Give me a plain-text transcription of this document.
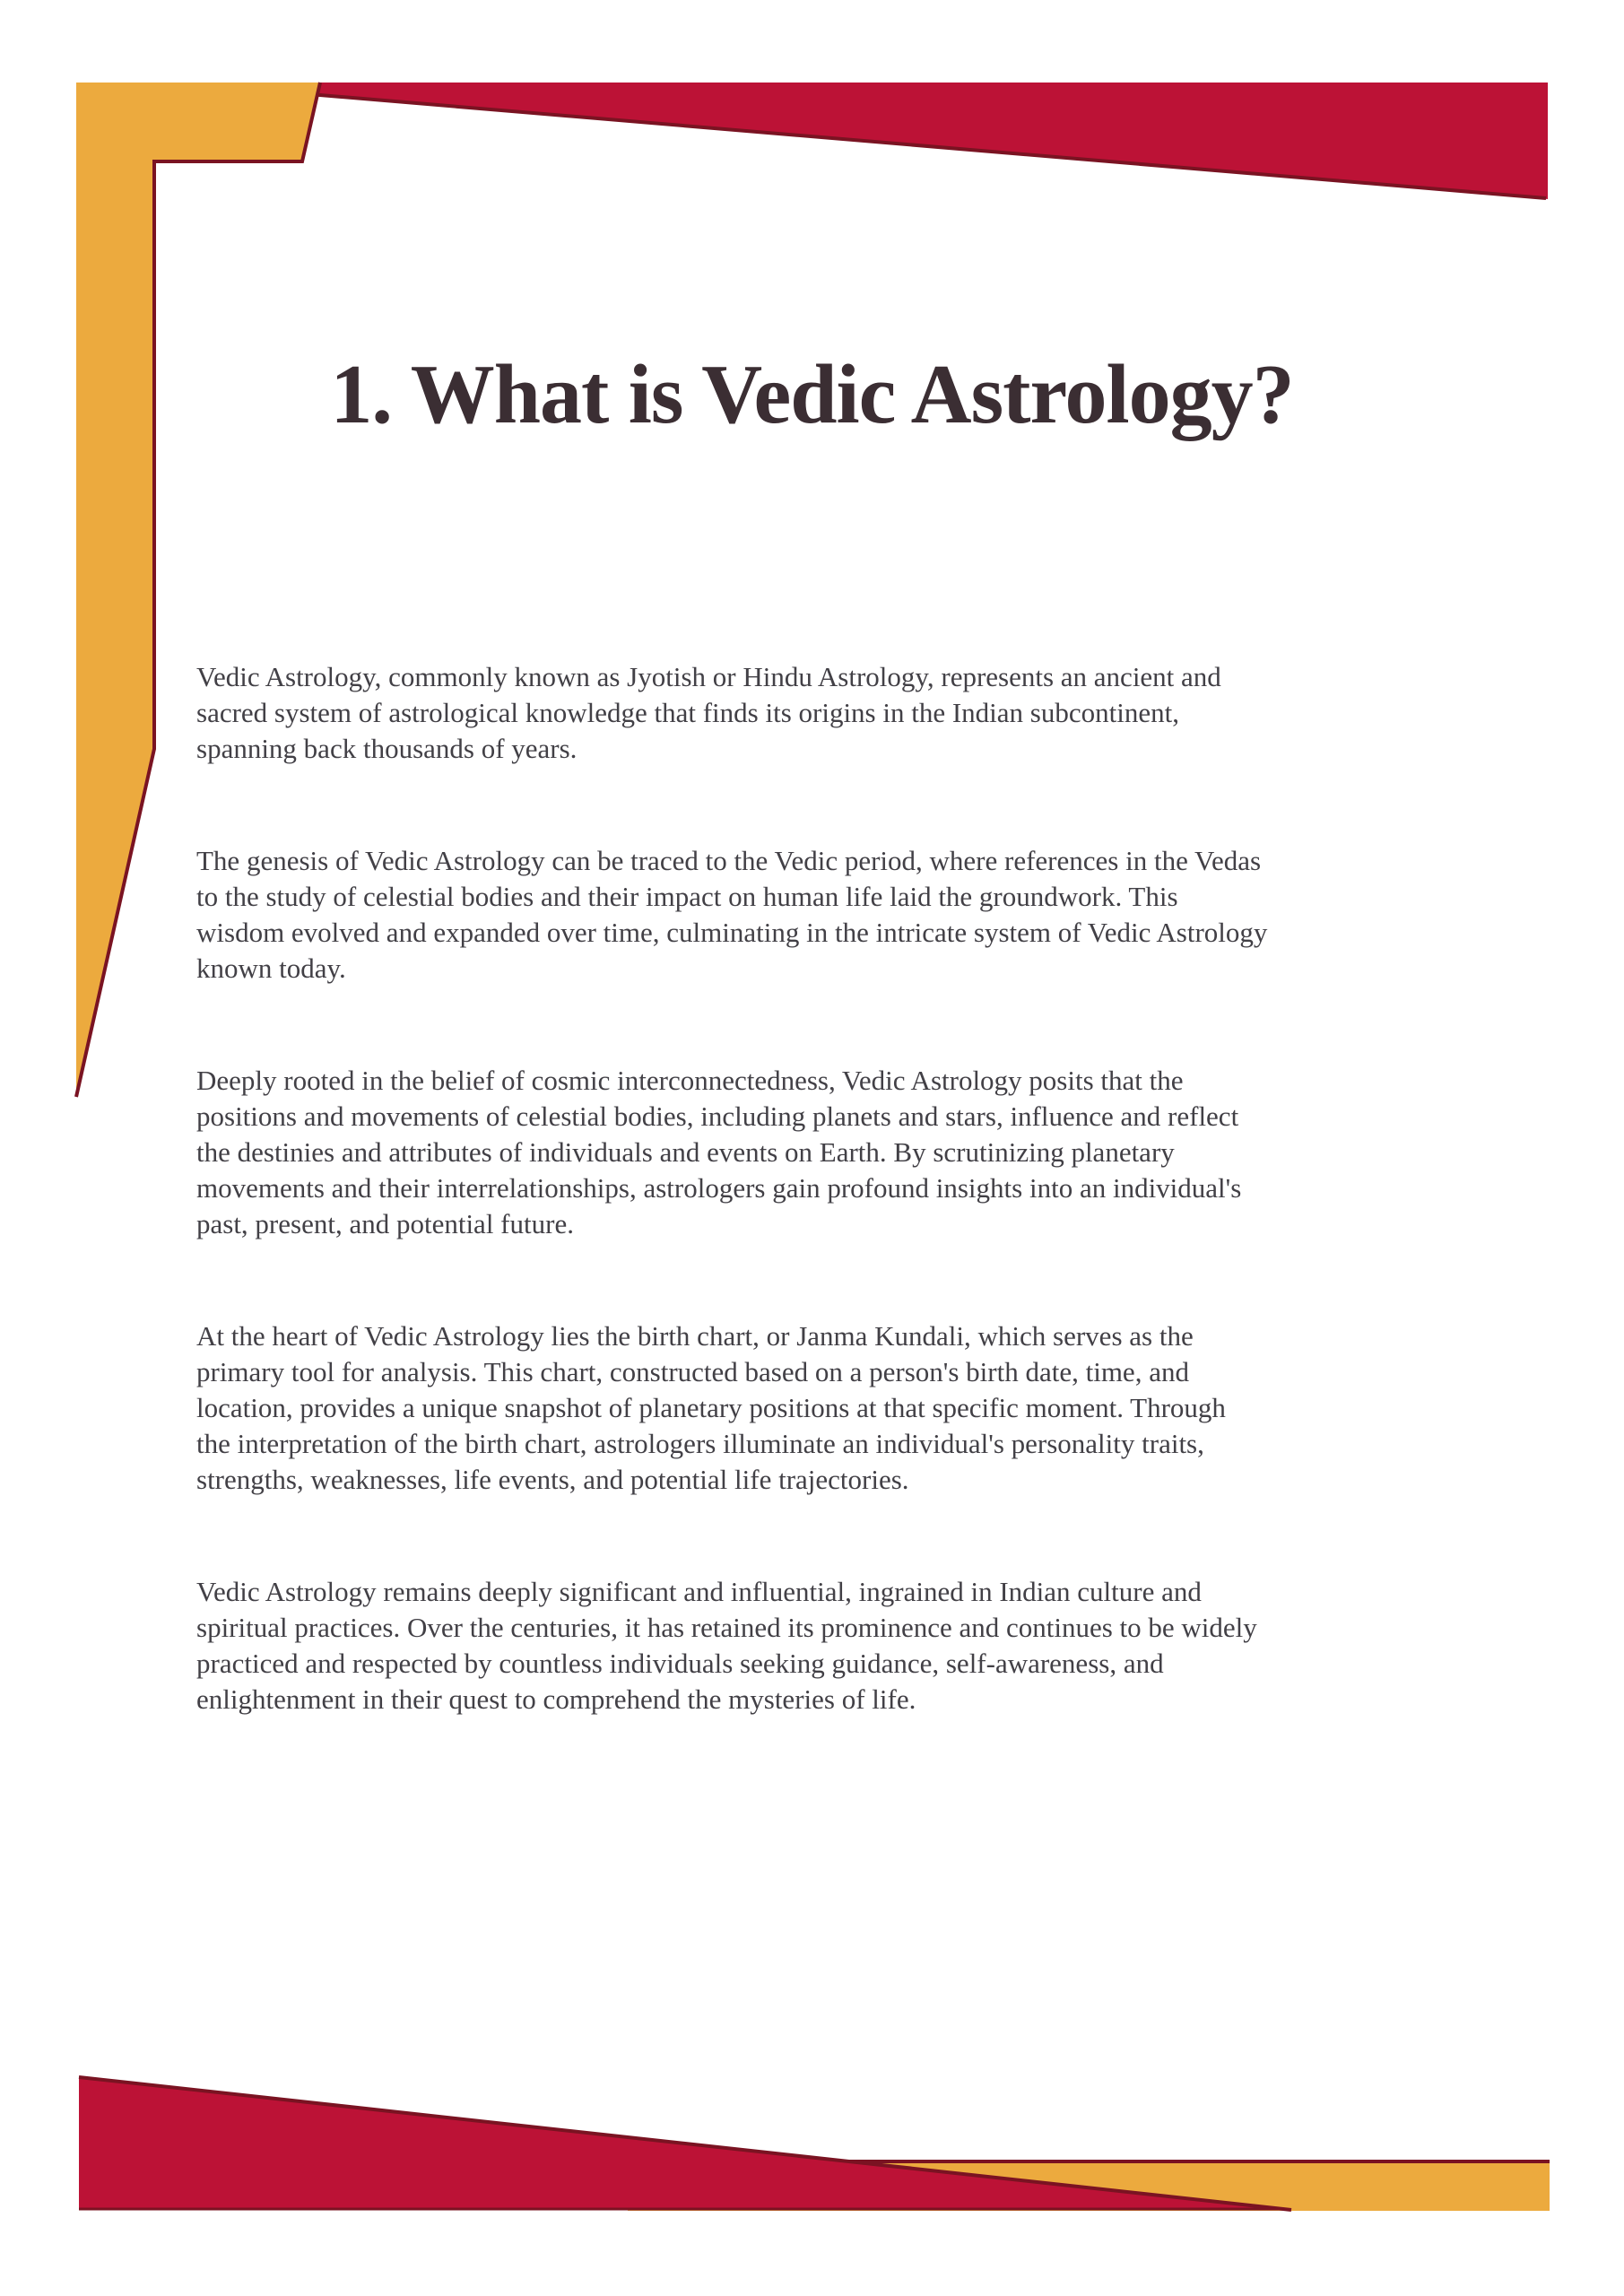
1. What is Vedic Astrology?

Vedic Astrology, commonly known as Jyotish or Hindu Astrology, represents an ancient and
sacred system of astrological knowledge that finds its origins in the Indian subcontinent,
spanning back thousands of years.

The genesis of Vedic Astrology can be traced to the Vedic period, where references in the Vedas
to the study of celestial bodies and their impact on human life laid the groundwork. This
wisdom evolved and expanded over time, culminating in the intricate system of Vedic Astrology
known today.

Deeply rooted in the belief of cosmic interconnectedness, Vedic Astrology posits that the
positions and movements of celestial bodies, including planets and stars, influence and reflect
the destinies and attributes of individuals and events on Earth. By scrutinizing planetary
movements and their interrelationships, astrologers gain profound insights into an individual's
past, present, and potential future.

At the heart of Vedic Astrology lies the birth chart, or Janma Kundali, which serves as the
primary tool for analysis. This chart, constructed based on a person's birth date, time, and
location, provides a unique snapshot of planetary positions at that specific moment. Through
the interpretation of the birth chart, astrologers illuminate an individual's personality traits,
strengths, weaknesses, life events, and potential life trajectories.

Vedic Astrology remains deeply significant and influential, ingrained in Indian culture and
spiritual practices. Over the centuries, it has retained its prominence and continues to be widely
practiced and respected by countless individuals seeking guidance, self-awareness, and
enlightenment in their quest to comprehend the mysteries of life.
